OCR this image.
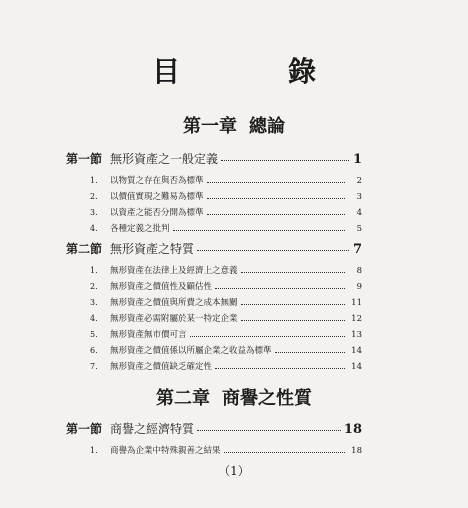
目　錄
第一章 總論
第一節 無形資產之一般定義	1
1.	以物質之存在與否為標準	2
2.	以價值實現之難易為標準	3
3.	以資產之能否分開為標準	4
4.	各種定義之批判	5
第二節 無形資產之特質	7
1.	無形資產在法律上及經濟上之意義	8
2.	無形資產之價值性及顧估性	9
3.	無形資產之價值與所費之成本無關	11
4.	無形資產必需附屬於某一特定企業	12
5.	無形資產無市價可言	13
6.	無形資產之價值係以所屬企業之收益為標準	14
7.	無形資產之價值缺乏確定性	14
第二章 商譽之性質
第一節 商譽之經濟特質	18
1.	商譽為企業中特殊親善之結果	18
（1）
